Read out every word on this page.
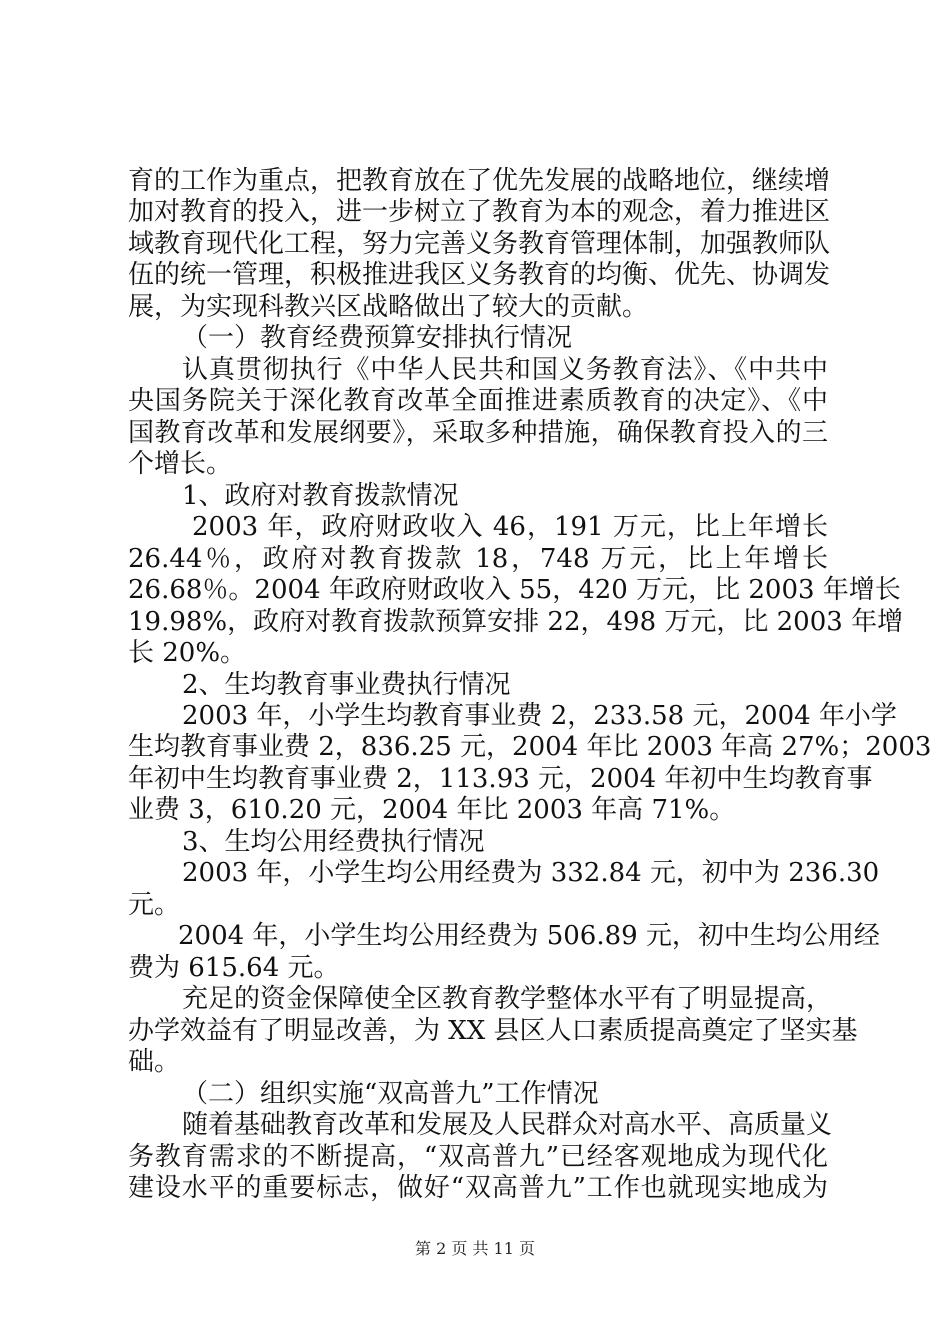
育的工作为重点，把教育放在了优先发展的战略地位，继续增
加对教育的投入，进一步树立了教育为本的观念，着力推进区
域教育现代化工程，努力完善义务教育管理体制，加强教师队
伍的统一管理，积极推进我区义务教育的均衡、优先、协调发
展，为实现科教兴区战略做出了较大的贡献。
（一）教育经费预算安排执行情况
认真贯彻执行《中华人民共和国义务教育法》、《中共中
央国务院关于深化教育改革全面推进素质教育的决定》、《中
国教育改革和发展纲要》，采取多种措施，确保教育投入的三
个增长。
1、政府对教育拨款情况
2003 年，政府财政收入 46，191 万元，比上年增长
26.44％，政府对教育拨款 18，748 万元，比上年增长
26.68％。2004 年政府财政收入 55，420 万元，比 2003 年增长
19.98%，政府对教育拨款预算安排 22，498 万元，比 2003 年增
长 20%。
2、生均教育事业费执行情况
2003 年，小学生均教育事业费 2，233.58 元，2004 年小学
生均教育事业费 2，836.25 元，2004 年比 2003 年高 27%；2003
年初中生均教育事业费 2，113.93 元，2004 年初中生均教育事
业费 3，610.20 元，2004 年比 2003 年高 71%。
3、生均公用经费执行情况
2003 年，小学生均公用经费为 332.84 元，初中为 236.30
元。
2004 年，小学生均公用经费为 506.89 元，初中生均公用经
费为 615.64 元。
充足的资金保障使全区教育教学整体水平有了明显提高，
办学效益有了明显改善，为 XX 县区人口素质提高奠定了坚实基
础。
（二）组织实施“双高普九”工作情况
随着基础教育改革和发展及人民群众对高水平、高质量义
务教育需求的不断提高，“双高普九”已经客观地成为现代化
建设水平的重要标志，做好“双高普九”工作也就现实地成为
第 2 页 共 11 页
